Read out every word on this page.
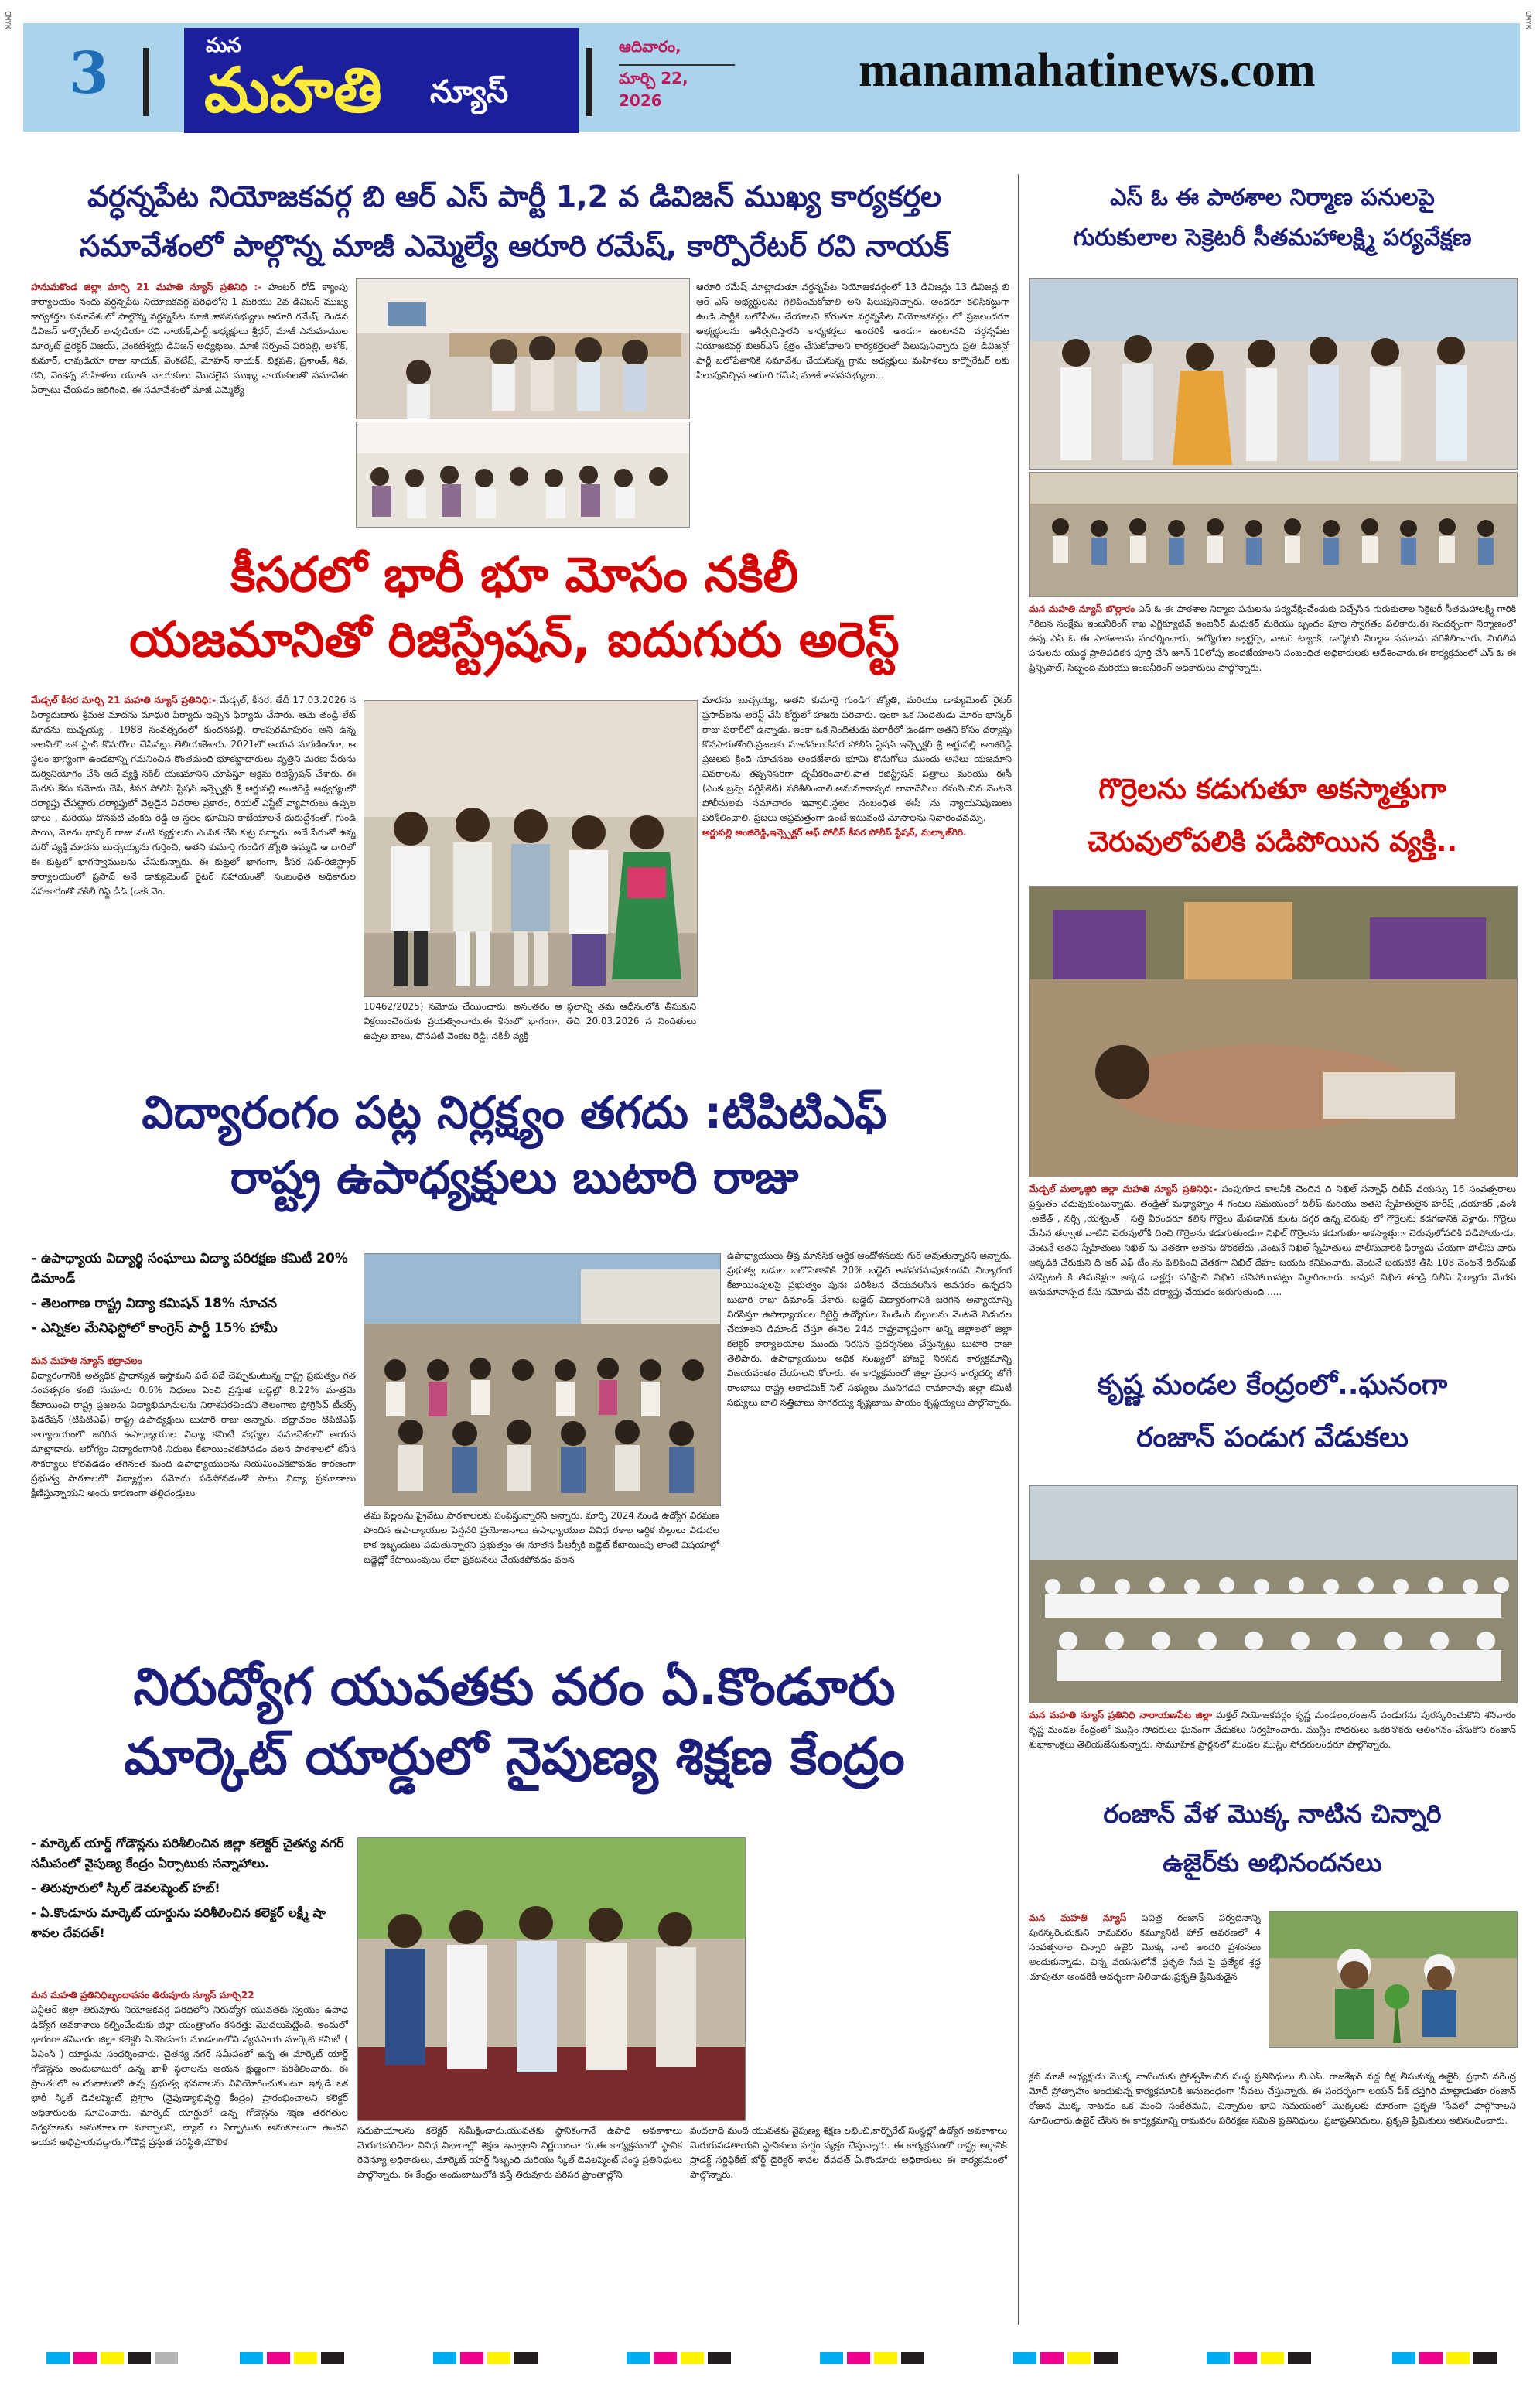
CMYK	CMYK
3	మన
మహతి న్యూస్
ఆదివారం,
మార్చి 22, 2026
manamahatinews.com
వర్ధన్నపేట నియోజకవర్గ బి ఆర్ ఎస్ పార్టీ 1,2 వ డివిజన్ ముఖ్య కార్యకర్తల
సమావేశంలో పాల్గొన్న మాజీ ఎమ్మెల్యే ఆరూరి రమేష్, కార్పొరేటర్ రవి నాయక్
హనుమకొండ జిల్లా మార్చి 21 మహతి న్యూస్ ప్రతినిధి :- హంటర్ రోడ్ క్యాంపు కార్యాలయం నందు వర్ధన్నపేట నియోజకవర్గ పరిధిలోని 1 మరియు 2వ డివిజన్ ముఖ్య కార్యకర్తల సమావేశంలో పాల్గొన్న వర్ధన్నపేట మాజీ శాసనసభ్యులు ఆరూరి రమేష్, రెండవ డివిజన్ కార్పొరేటర్ లావుడియా రవి నాయక్,పార్టీ అధ్యక్షులు శ్రీధర్, మాజీ ఎనుమాముల మార్కెట్ డైరెక్టర్ విజయ్, వెంకటేశ్వర్లు డివిజన్ అధ్యక్షులు, మాజీ సర్పంచ్ పరిపెల్లి, అశోక్, కుమార్, లావుడియా రాజు నాయక్, వెంకటేష్, మోహన్ నాయక్, బిక్షపతి, ప్రశాంత్, శివ, రవి, వెంకన్న మహిళలు యూత్ నాయకులు మొదలైన ముఖ్య నాయకులతో సమావేశం ఏర్పాటు చేయడం జరిగింది. ఈ సమావేశంలో మాజీ ఎమ్మెల్యే
ఆరూరి రమేష్ మాట్లాడుతూ వర్ధన్నపేట నియోజకవర్గంలో 13 డివిజన్లు 13 డివిజన్ల బి ఆర్ ఎస్ అభ్యర్థులను గెలిపించుకోవాలి అని పిలుపునిచ్చారు. అందరూ కలిసికట్టుగా ఉండి పార్టీకి బలోపేతం చేయాలని కోరుతూ వర్ధన్నపేట నియోజకవర్గం లో ప్రజలందరూ అభ్యర్థులను ఆశీర్వదిస్తారని కార్యకర్తలు అందరికీ అండగా ఉంటానని వర్ధన్నపేట నియోజకవర్గ బిఆర్ఎస్ క్షేత్రం చేసుకోవాలని కార్యకర్తలతో పిలుపునిచ్చారు ప్రతి డివిజన్లో పార్టీ బలోపేతానికి సమావేశం చేయనున్న గ్రామ అధ్యక్షులు మహిళలు కార్పొరేటర్ లకు పిలుపునిచ్చిన ఆరూరి రమేష్ మాజీ శాసనసభ్యులు...
కీసరలో భారీ భూ మోసం నకిలీ
యజమానితో రిజిస్ట్రేషన్, ఐదుగురు అరెస్ట్
మేడ్చల్ కీసర మార్చి 21 మహతి న్యూస్ ప్రతినిధి:- మేడ్చల్, కీసర: తేదీ 17.03.2026 న పిర్యాదుదారు శ్రీమతి మాదను మాధురి ఫిర్యాదు ఇచ్చిన ఫిర్యాదు చేసారు. ఆమె తండ్రి లేట్ మాదను బుచ్చయ్య , 1988 సంవత్సరంలో కుందనపల్లి, రాంపురమాపురం అని ఉన్న కాలనీలో ఒక ప్లాట్ కొనుగోలు చేసినట్లు తెలియజేశారు. 2021లో ఆయన మరణించగా, ఆ స్థలం భాగ్యంగా ఉండటాన్ని గమనించిన కొంతమంది భూకబ్జాదారులు వృత్తిని మరణ పేరును దుర్వినియోగం చేసి అదే వ్యక్తి నకిలీ యజమానిని చూపిస్తూ అక్రమ రిజిస్ట్రేషన్ చేశారు. ఈ మేరకు కేసు నమోదు చేసి, కీసర పోలీస్ స్టేషన్ ఇన్స్పెక్టర్ శ్రీ ఆర్జుపల్లి అంజిరెడ్డి ఆధ్వర్యంలో దర్యాప్తు చేపట్టారు.దర్యాప్తులో వెల్లడైన వివరాల ప్రకారం, రియల్ ఎస్టేట్ వ్యాపారులు ఉప్పల బాలు , మరియు దొనపటి వెంకట రెడ్డి ఆ స్థలం భూమిని కాజేయాలనే దురుద్దేశంతో, గుండి సాయి, మోరం భాస్కర్ రాజు వంటి వ్యక్తులను ఎంపిక చేసి కుట్ర పన్నారు. అదే పేరుతో ఉన్న మరో వ్యక్తి మాదను బుచ్చయ్యను గుర్తించి, అతని కుమార్తె గుండిగ జ్యోతి ఉమ్మడి ఆ దారిలో ఈ కుట్రలో భాగస్వాములను చేసుకున్నారు. ఈ కుట్రలో భాగంగా, కీసర సబ్-రిజిస్ట్రార్ కార్యాలయంలో ప్రసాద్ అనే డాక్యుమెంట్ రైటర్ సహాయంతో, సంబంధిత అధికారుల సహకారంతో నకిలీ గిఫ్ట్ డీడ్ (డాక్ నెం.
10462/2025) నమోదు చేయించారు. అనంతరం ఆ స్థలాన్ని తమ ఆధీనంలోకి తీసుకుని విక్రయించేందుకు ప్రయత్నించారు.ఈ కేసులో భాగంగా, తేదీ 20.03.2026 న నిందితులు ఉప్పల బాలు, దొనపటి వెంకట రెడ్డి, నకిలీ వ్యక్తి
మాదను బుచ్చయ్య, అతని కుమార్తె గుండిగ జ్యోతి, మరియు డాక్యుమెంట్ రైటర్ ప్రసాద్‌లను అరెస్ట్ చేసి కోర్టులో హాజరు పరిచారు. ఇంకా ఒక నిందితుడు మోరం భాస్కర్ రాజు పరారీలో ఉన్నాడు. ఇంకా ఒక నిందితుడు పరారీలో ఉండగా అతని కోసం దర్యాప్తు కొనసాగుతోంది.ప్రజలకు సూచనలు:కీసర పోలీస్ స్టేషన్ ఇన్స్పెక్టర్ శ్రీ ఆర్జుపల్లి అంజిరెడ్డి ప్రజలకు క్రింది సూచనలు అందజేశారు భూమి కొనుగోలు ముందు అసలు యజమాని వివరాలను తప్పనిసరిగా ధృవీకరించాలి.పాత రిజిస్ట్రేషన్ పత్రాలు మరియు ఈసీ (ఎంకంబ్రన్స్ సర్టిఫికెట్) పరిశీలించాలి.అనుమానాస్పద లావాదేవీలు గమనించిన వెంటనే పోలీసులకు సమాచారం ఇవ్వాలి.స్థలం సంబంధిత ఈసీ ను న్యాయనిపుణులు పరిశీలించాలి. ప్రజలు అప్రమత్తంగా ఉంటే ఇటువంటి మోసాలను నివారించవచ్చు.
అర్జుపల్లి అంజిరెడ్డి,ఇన్స్పెక్టర్ ఆఫ్ పోలీస్ కీసర పోలీస్ స్టేషన్, మల్కాజ్‌గిరి.
విద్యారంగం పట్ల నిర్లక్ష్యం తగదు :టిపిటిఎఫ్
రాష్ట్ర ఉపాధ్యక్షులు బుటారి రాజు
- ఉపాధ్యాయ విద్యార్థి సంఘాలు విద్యా పరిరక్షణ కమిటీ 20% డిమాండ్
- తెలంగాణ రాష్ట్ర విద్యా కమిషన్ 18% సూచన
- ఎన్నికల మేనిఫెస్టోలో కాంగ్రెస్ పార్టీ 15% హామీ
మన మహతి న్యూస్ భద్రాచలం
విద్యారంగానికి అత్యధిక ప్రాధాన్యత ఇస్తామని పదే పదే చెప్పుకుంటున్న రాష్ట్ర ప్రభుత్వం గత సంవత్సరం కంటే సుమారు 0.6% నిధులు పెంచి ప్రస్తుత బడ్జెట్లో 8.22% మాత్రమే కేటాయించి రాష్ట్ర ప్రజలను విద్యాభిమానులను నిరాశపరచిందని తెలంగాణ ప్రోగ్రెసివ్ టీచర్స్ ఫెడరేషన్ (టిపిటిఎఫ్) రాష్ట్ర ఉపాధ్యక్షులు బుటారి రాజు అన్నారు. భద్రాచలం టిపిటిఎఫ్ కార్యాలయంలో జరిగిన ఉపాధ్యాయుల విద్యా కమిటీ సభ్యుల సమావేశంలో ఆయన మాట్లాడారు. ఆరోగ్యం విద్యారంగానికి నిధులు కేటాయించకపోవడం వలన పాఠశాలలో కనీస సౌకర్యాలు కొరవడడం తగినంత మంది ఉపాధ్యాయులను నియమించకపోవడం కారణంగా ప్రభుత్వ పాఠశాలలో విద్యార్థుల సమోదు పడిపోవడంతో పాటు విద్యా ప్రమాణాలు క్షీణిస్తున్నాయని అందు కారణంగా తల్లిదండ్రులు
తమ పిల్లలను ప్రైవేటు పాఠశాలలకు పంపిస్తున్నారని అన్నారు. మార్చి 2024 నుండి ఉద్యోగ విరమణ పొందిన ఉపాధ్యాయుల పెన్షనరీ ప్రయోజనాలు ఉపాధ్యాయుల వివిధ రకాల ఆర్థిక బిల్లులు విడుదల కాక ఇబ్బందులు పడుతున్నారని ప్రభుత్వం ఈ నూతన పీఆర్సీకి బడ్జెట్ కేటాయింపు లాంటి విషయాల్లో బడ్జెట్లో కేటాయింపులు లేదా ప్రకటనలు చేయకపోవడం వలన
ఉపాధ్యాయులు తీవ్ర మానసిక ఆర్థిక ఆందోళనలకు గురి అవుతున్నారని అన్నారు. ప్రభుత్వ బడుల బలోపేతానికి 20% బడ్జెట్ అవసరమవుతుందని విద్యారంగ కేటాయింపులపై ప్రభుత్వం పునః పరిశీలన చేయవలసిన అవసరం ఉన్నదని బుటారి రాజు డిమాండ్ చేశారు. బడ్జెట్ విద్యారంగానికి జరిగిన అన్యాయాన్ని నిరసిస్తూ ఉపాధ్యాయుల రిటైర్డ్ ఉద్యోగుల పెండింగ్ బిల్లులను వెంటనే విడుదల చేయాలని డిమాండ్ చేస్తూ ఈనెల 24న రాష్ట్రవ్యాప్తంగా అన్ని జిల్లాలలో జిల్లా కలెక్టర్ కార్యాలయాల ముందు నిరసన ప్రదర్శనలు చేస్తున్నట్లు బుటారి రాజు తెలిపారు. ఉపాధ్యాయులు అధిక సంఖ్యలో హాజరై నిరసన కార్యక్రమాన్ని విజయవంతం చేయాలని కోరారు. ఈ కార్యక్రమంలో జిల్లా ప్రధాన కార్యదర్శి జోగే రాంబాబు రాష్ట్ర అకాడమిక్ సెల్ సభ్యులు మునిగడప రామారావు జిల్లా కమిటీ సభ్యులు బాలి సత్తిబాబు సాగరయ్య కృష్ణబాబు పాయం కృష్ణయ్యలు పాల్గొన్నారు.
నిరుద్యోగ యువతకు వరం ఏ.కొండూరు
మార్కెట్ యార్డులో నైపుణ్య శిక్షణ కేంద్రం
- మార్కెట్ యార్డ్ గోడౌన్లను పరిశీలించిన జిల్లా కలెక్టర్ చైతన్య నగర్ సమీపంలో నైపుణ్య కేంద్రం ఏర్పాటుకు సన్నాహాలు.
- తిరువూరులో స్కిల్ డెవలప్మెంట్ హబ్!
- ఏ.కొండూరు మార్కెట్ యార్డును పరిశీలించిన కలెక్టర్ లక్ష్మీ షా శావల దేవదత్!
మన మహతి ప్రతినిధిబృందావనం తిరువూరు న్యూస్ మార్చి22
ఎన్టీఆర్ జిల్లా తిరువూరు నియోజకవర్గ పరిధిలోని నిరుద్యోగ యువతకు స్వయం ఉపాధి ఉద్యోగ అవకాశాలు కల్పించేందుకు జిల్లా యంత్రాంగం కసరత్తు మొదలుపెట్టింది. ఇందులో భాగంగా శనివారం జిల్లా కలెక్టర్ ఏ.కొండూరు మండలంలోని వ్యవసాయ మార్కెట్ కమిటీ ( ఏఎంసి ) యార్డును సందర్శించారు. చైతన్య నగర్ సమీపంలో ఉన్న ఈ మార్కెట్ యార్డ్ గోడౌన్లను అందుబాటులో ఉన్న ఖాళీ స్థలాలను ఆయన క్షుణ్ణంగా పరిశీలించారు. ఈ ప్రాంతంలో అందుబాటులో ఉన్న ప్రభుత్వ భవనాలను వినియోగించుకుంటూ ఇక్కడే ఒక భారీ స్కిల్ డెవలప్మెంట్ ప్రోగ్రాం (నైపుణ్యాభివృద్ధి కేంద్రం) ప్రారంభించాలని కలెక్టర్ అధికారులకు సూచించారు. మార్కెట్ యార్డులో ఉన్న గోడౌన్లను శిక్షణ తరగతుల నిర్వహణకు అనుకూలంగా మార్చాలని, ల్యాబ్ ల ఏర్పాటుకు అనుకూలంగా ఉందని ఆయన అభిప్రాయపడ్డారు.గోడౌన్ల ప్రస్తుత పరిస్థితి,మౌలిక
సదుపాయాలను కలెక్టర్ సమీక్షించారు.యువతకు స్థానికంగానే ఉపాధి అవకాశాలు మెరుగుపరిచేలా వివిధ విభాగాల్లో శిక్షణ ఇవ్వాలని నిర్ణయించా రు.ఈ కార్యక్రమంలో స్థానిక రెవెన్యూ అధికారులు, మార్కెట్ యార్డ్ సిబ్బంది మరియు స్కిల్ డెవలప్మెంట్ సంస్థ ప్రతినిధులు పాల్గొన్నారు. ఈ కేంద్రం అందుబాటులోకి వస్తే తిరువూరు పరిసర ప్రాంతాల్లోని
వందలాది మంది యువతకు నైపుణ్య శిక్షణ లభించి,కార్పొరేట్ సంస్థల్లో ఉద్యోగ అవకాశాలు మెరుగుపడతాయని స్థానికులు హర్షం వ్యక్తం చేస్తున్నారు. ఈ కార్యక్రమంలో రాష్ట్ర ఆర్గానిక్ ప్రాడక్ట్ సర్టిఫికేట్ బోర్డ్ డైరెక్టర్ శావల దేవదత్ ఏ.కొండూరు అధికారులు ఈ కార్యక్రమంలో పాల్గొన్నారు.
ఎస్ ఓ ఈ పాఠశాల నిర్మాణ పనులపై
గురుకులాల సెక్రెటరీ సీతమహాలక్ష్మి పర్యవేక్షణ
మన మహతి న్యూస్ బొల్లారం ఎస్ ఓ ఈ పాఠశాల నిర్మాణ పనులను పర్యవేక్షించేందుకు విచ్చేసిన గురుకులాల సెక్రెటరీ సీతమహాలక్ష్మి గారికి గిరిజన సంక్షేమ ఇంజనీరింగ్ శాఖ ఎగ్జిక్యూటివ్ ఇంజనీర్ మధుకర్ మరియు బృందం పూల స్వాగతం పలికారు.ఈ సందర్భంగా నిర్మాణంలో ఉన్న ఎస్ ఓ ఈ పాఠశాలను సందర్శించారు, ఉద్యోగుల క్వార్టర్స్, వాటర్ ట్యాంక్, డార్మెటరీ నిర్మాణ పనులను పరిశీలించారు. మిగిలిన పనులను యుద్ధ ప్రాతిపదికన పూర్తి చేసి జూన్ 10లోపు అందజేయాలని సంబంధిత అధికారులకు ఆదేశించారు.ఈ కార్యక్రమంలో ఎస్ ఓ ఈ ప్రిన్సిపాల్, సిబ్బంది మరియు ఇంజనీరింగ్ అధికారులు పాల్గొన్నారు.
గొర్రెలను కడుగుతూ అకస్మాత్తుగా
చెరువులోపలికి పడిపోయిన వ్యక్తి..
మేడ్చల్ మల్కాజ్గిరి జిల్లా మహతి న్యూస్ ప్రతినిధి:- పంపుగూడ కాలనీకి చెందిన ది నిఖిల్ సన్నాఫ్ దిలీప్ వయస్సు 16 సంవత్సరాలు ప్రస్తుతం చదువుకుంటున్నాడు. తండ్రితో మధ్యాహ్నం 4 గంటల సమయంలో దిలీప్ మరియు అతని స్నేహితులైన హరీష్ ,దయాకర్ ,వంశీ ,అజేత్ , నర్సి ,యశ్వంత్ , సత్తి వీరందరూ కలిసి గొర్రెలు మేపడానికి కుంట దగ్గర ఉన్న చెరువు లో గొర్రెలను కడగడానికి వెళ్లారు. గొర్రెలు మేసిన తర్వాత వాటిని చెరువులోకి దించి గొర్రెలను కడుగుతుండగా నిఖిల్ గొర్రెలను కడుగుతూ అకస్మాత్తుగా చెరువులోపలికి పడిపోయాడు. వెంటనే అతని స్నేహితులు నిఖిల్ ను వెతకగా అతను దొరకలేదు .వెంటనే నిఖిల్ స్నేహితులు పోలీసువారికి ఫిర్యాదు చేయగా పోలీసు వారు అక్కడికి చేరుకుని ది ఆర్ ఎఫ్ టీం ను పిలిపించి వెతకగా నిఖిల్ దేహం బయట కనిపించారు. వెంటనే బయటికి తీసి 108 వెంటనే దిల్‌సుఖ్ హాస్పిటల్ కి తీసుకెళ్లగా అక్కడ డాక్టర్లు పరీక్షించి నిఖిల్ చనిపోయినట్లు నిర్ధారించారు. కావున నిఖిల్ తండ్రి దిలీప్ ఫిర్యాదు మేరకు అనుమానాస్పద కేసు నమోదు చేసి దర్యాప్తు చేయడం జరుగుతుంది .....
కృష్ణ మండల కేంద్రంలో..ఘనంగా
రంజాన్ పండుగ వేడుకలు
మన మహతి న్యూస్ ప్రతినిధి నారాయణపేట జిల్లా మక్తల్ నియోజకవర్గం కృష్ణ మండలం,రంజాన్ పండుగను పురస్కరించుకొని శనివారం కృష్ణ మండల కేంద్రంలో ముస్లిం సోదరులు ఘనంగా వేడుకలు నిర్వహించారు. ముస్లిం సోదరులు ఒకరినొకరు ఆలింగనం చేసుకొని రంజాన్ శుభాకాంక్షలు తెలియజేసుకున్నారు. సామూహిక ప్రార్థనలో మండల ముస్లిం సోదరులందరూ పాల్గొన్నారు.
రంజాన్ వేళ మొక్క నాటిన చిన్నారి
ఉజైర్‌కు అభినందనలు
మన మహతి న్యూస్ పవిత్ర రంజాన్ పర్వదినాన్ని పురస్కరించుకుని రామవరం కమ్యూనిటీ హాల్ ఆవరణలో 4 సంవత్సరాల చిన్నారి ఉజైర్ మొక్క నాటి అందరి ప్రశంసలు అందుకున్నాడు. చిన్న వయసులోనే ప్రకృతి సేవ పై ప్రత్యేక శ్రద్ధ చూపుతూ అందరికీ ఆదర్శంగా నిలిచాడు.ప్రకృతి ప్రేమికుడైన
క్లబ్ మాజీ అధ్యక్షుడు మొక్క నాటేందుకు ప్రోత్సహించిన సంస్థ ప్రతినిధులు బి.ఎస్. రాజశేఖర్ వద్ద దీక్ష తీసుకున్న ఉజైర్, ప్రధాని నరేంద్ర మోదీ ప్రోత్సాహం అందుకున్న కార్యక్రమానికి అనుబంధంగా 'సేవలు చేస్తున్నారు. ఈ సందర్భంగా లయన్ పేక్ దస్తగిరి మాట్లాడుతూ రంజాన్ రోజున మొక్క నాటడం ఒక మంచి సంకేతమని, చిన్నారుల భావి సమయంలో మొక్కలకు దూరంగా ప్రకృతి 'సేవలో పాల్గొనాలని సూచించారు.ఉజైర్ చేసిన ఈ కార్యక్రమాన్ని రామవరం పరిరక్షణ సమితి ప్రతినిధులు, ప్రజాప్రతినిధులు, ప్రకృతి ప్రేమికులు అభినందించారు.
